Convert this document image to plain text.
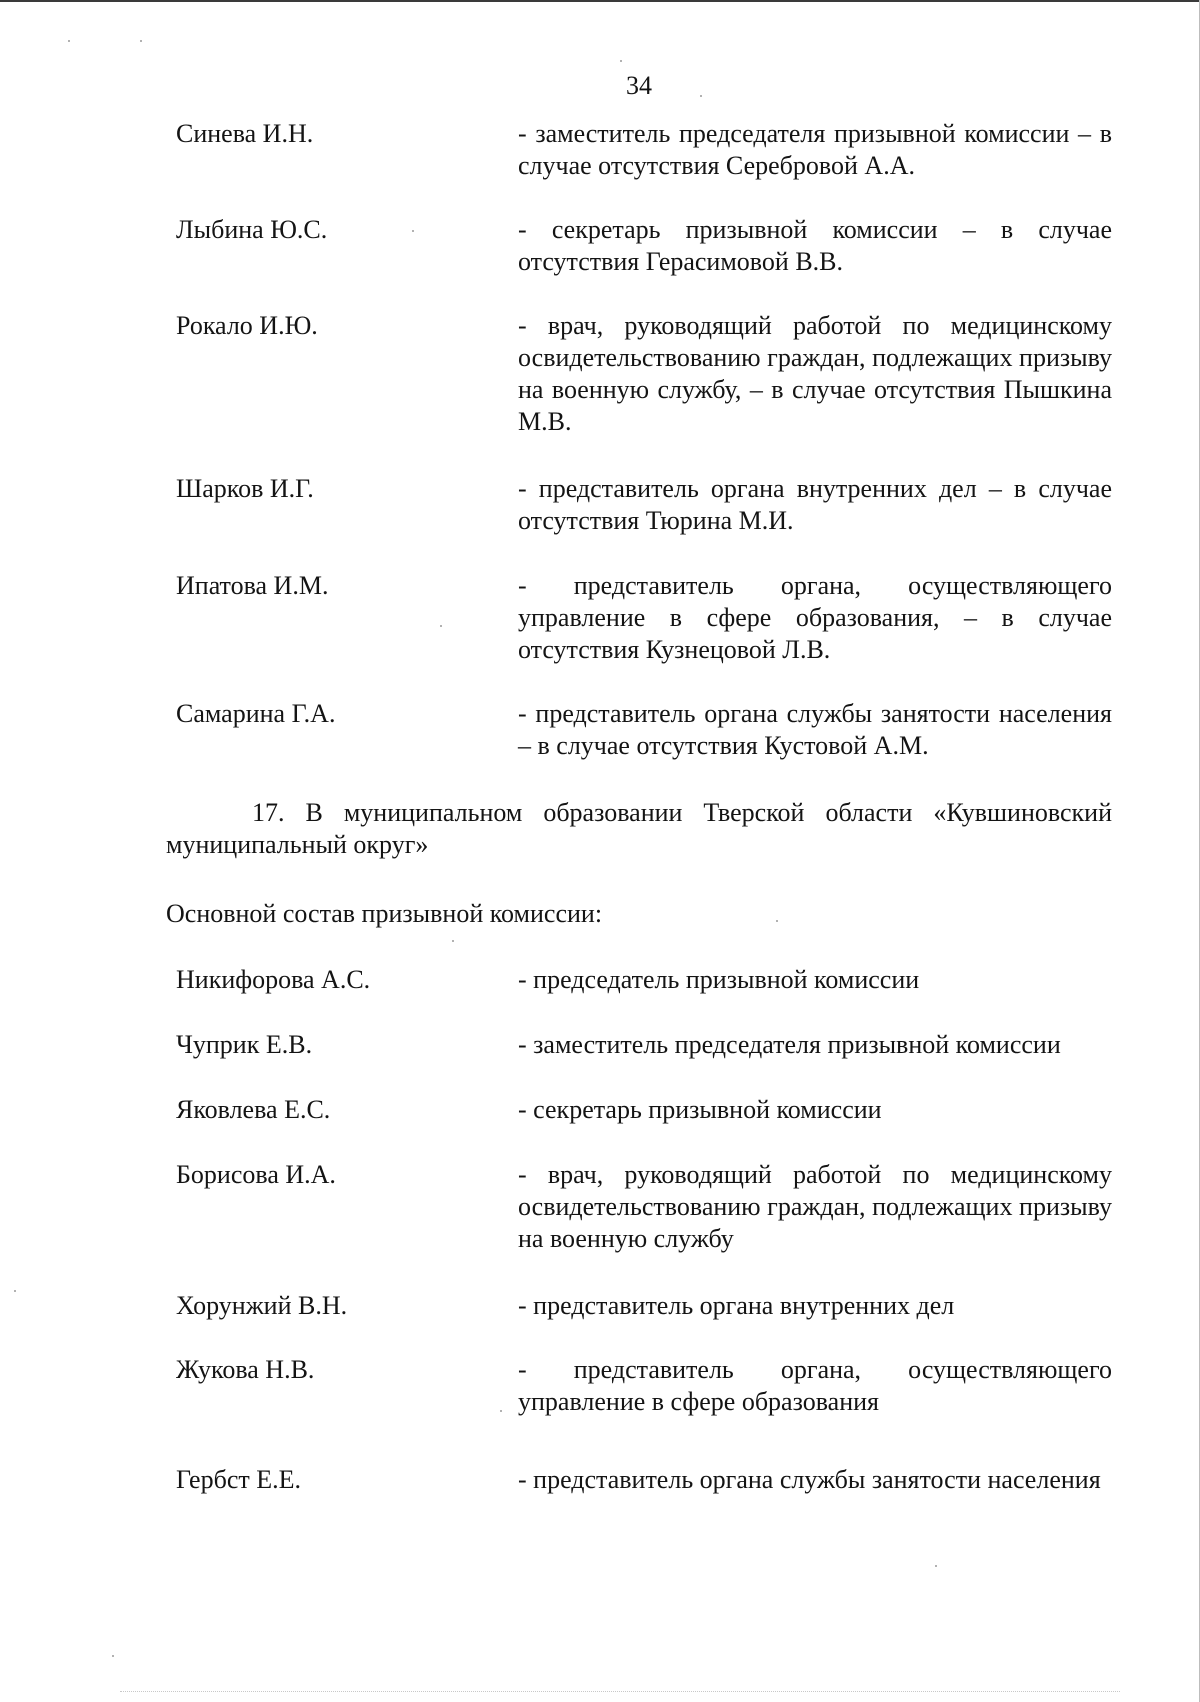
34
Синева И.Н.	- заместитель председателя призывной комиссии – в случае отсутствия Серебровой А.А.
Лыбина Ю.С.	- секретарь призывной комиссии – в случае отсутствия Герасимовой В.В.
Рокало И.Ю.	- врач, руководящий работой по медицинскому освидетельствованию граждан, подлежащих призыву на военную службу, – в случае отсутствия Пышкина М.В.
Шарков И.Г.	- представитель органа внутренних дел – в случае отсутствия Тюрина М.И.
Ипатова И.М.	- представитель органа, осуществляющего управление в сфере образования, – в случае отсутствия Кузнецовой Л.В.
Самарина Г.А.	- представитель органа службы занятости населения – в случае отсутствия Кустовой А.М.
17. В муниципальном образовании Тверской области «Кувшиновский муниципальный округ»
Основной состав призывной комиссии:
Никифорова А.С.	- председатель призывной комиссии
Чуприк Е.В.	- заместитель председателя призывной комиссии
Яковлева Е.С.	- секретарь призывной комиссии
Борисова И.А.	- врач, руководящий работой по медицинскому освидетельствованию граждан, подлежащих призыву на военную службу
Хорунжий В.Н.	- представитель органа внутренних дел
Жукова Н.В.	- представитель органа, осуществляющего управление в сфере образования
Гербст Е.Е.	- представитель органа службы занятости населения
